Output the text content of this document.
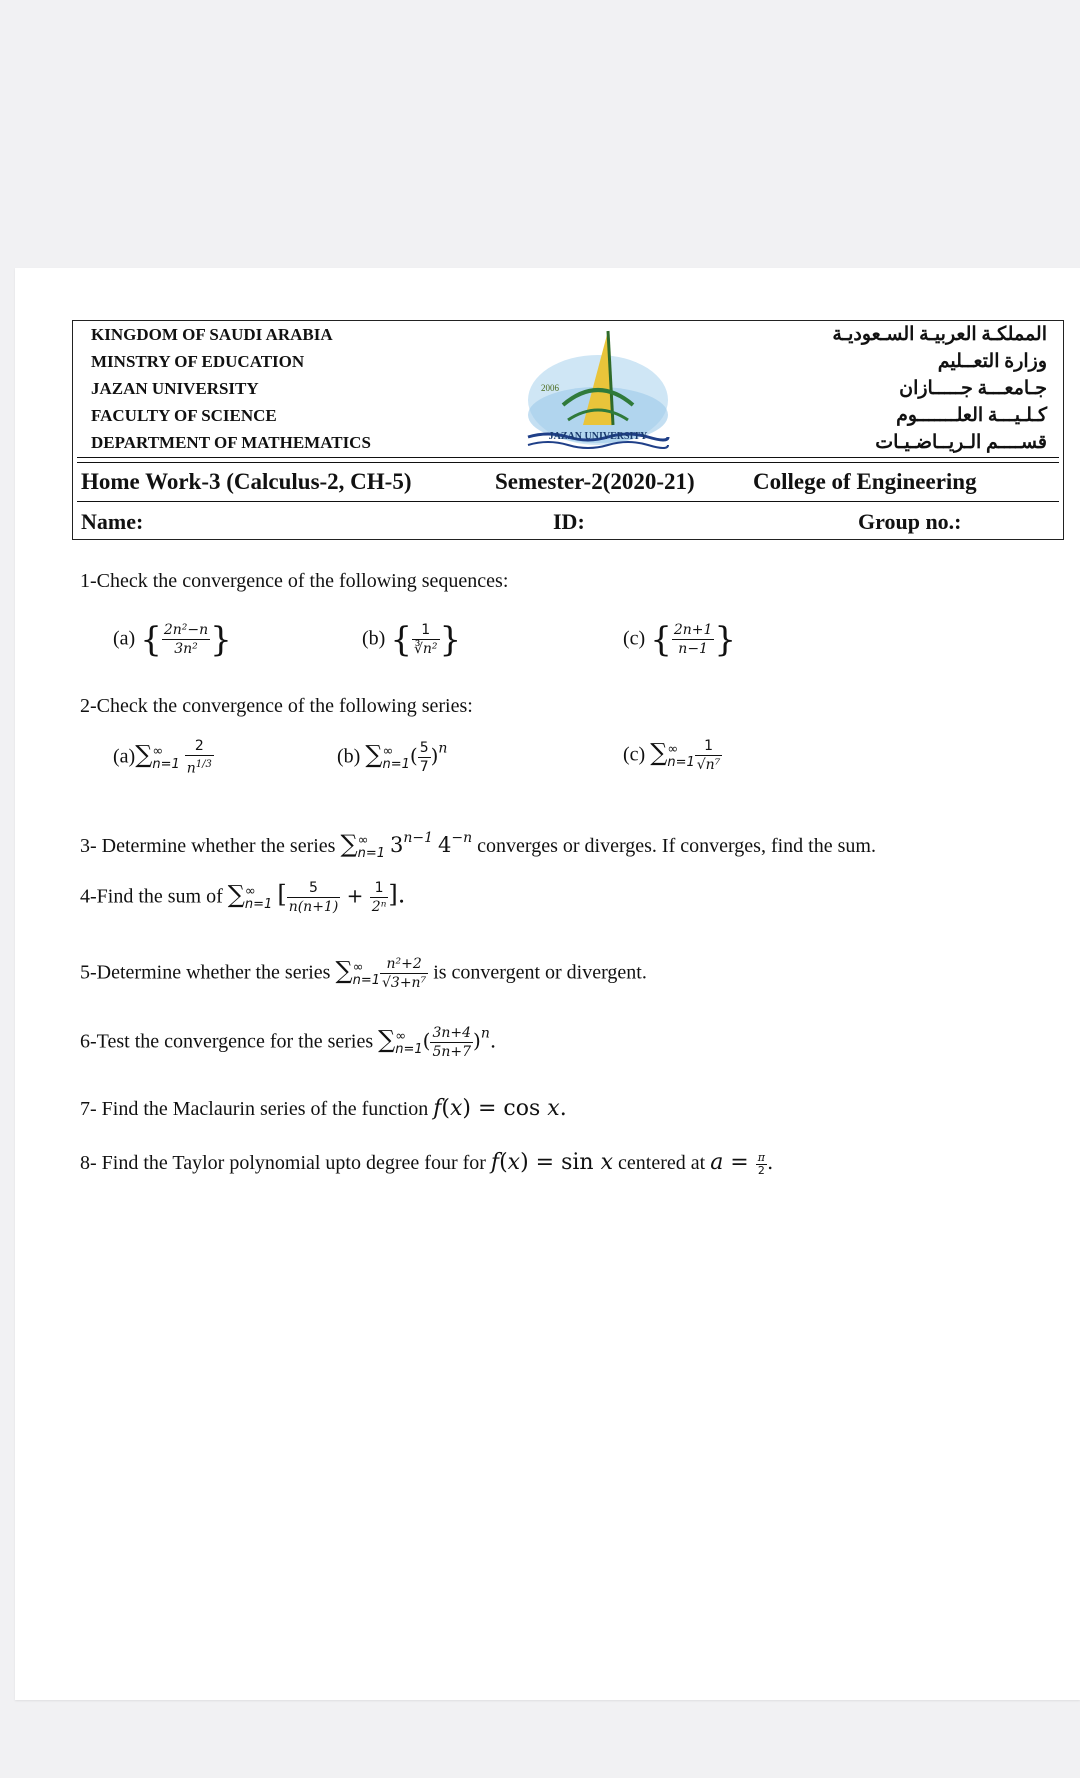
KINGDOM OF SAUDI ARABIA
MINSTRY OF EDUCATION
JAZAN UNIVERSITY
FACULTY OF SCIENCE
DEPARTMENT OF MATHEMATICS
2006
JAZAN UNIVERSITY
المملكـة العربيـة السـعوديـة
وزارة التعــليم
جـامعـــة جـــــازان
كـلـيـــة العلـــــــوم
قســــم الـريــاضـيـات
Home Work-3 (Calculus-2, CH-5)	Semester-2(2020-21)	College of Engineering
Name:	ID:	Group no.:
1-Check the convergence of the following sequences:
(a) { $\frac{\text{2n²−n}}{\text{3n²}}$ }	(b) { $\frac{1}{\text{∛n²}}$ }	(c) { $\frac{2n+1}{n-1}$ }
2-Check the convergence of the following series:
(a)∑ ∞
n=1
$\frac{2}{n^{1/3}}$	(b) ∑ ∞
n=1 ( $\frac{5}{7} )^n$	(c) ∑ ∞
$n=1 \frac{1}{\text{√n⁷}}$
3- Determine whether the series ∑ ∞
n=1 $3^{n-1}$ $4^{-n}$ converges or diverges. If converges, find the sum.
4-Find the sum of ∑ ∞
n=1 [ $\frac{5}{n(n+1)} + \frac{1}{\text{2ⁿ}}$ ].
5-Determine whether the series ∑ ∞
$n=1 \frac{\text{n²+2}}{\text{√3+n⁷}}$ is convergent or divergent.
6-Test the convergence for the series ∑ ∞
n=1 ( $\frac{3n+4}{5n+7} )^n$.
7- Find the Maclaurin series of the function f(x) = cos x.
8- Find the Taylor polynomial upto degree four for f(x) = sin x centered at $a = \frac{\pi}{2}$ .
